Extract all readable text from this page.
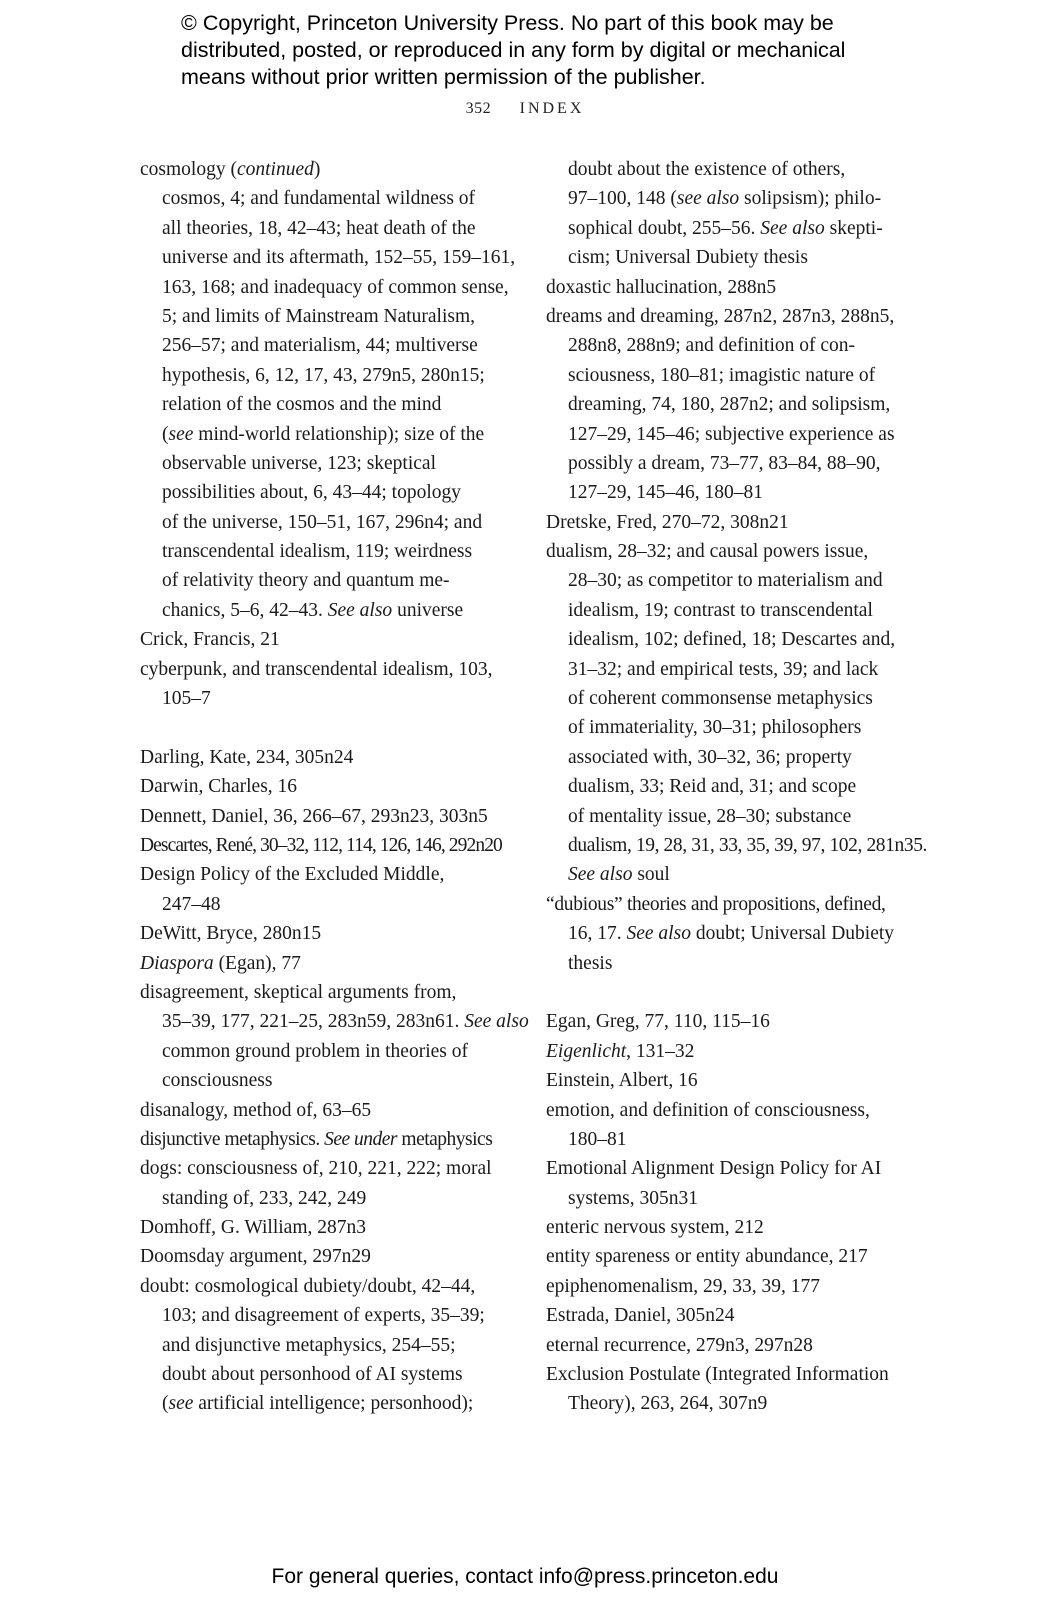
© Copyright, Princeton University Press. No part of this book may be
distributed, posted, or reproduced in any form by digital or mechanical
means without prior written permission of the publisher.
352 INDEX
cosmology (continued)
cosmos, 4; and fundamental wildness of
all theories, 18, 42–43; heat death of the
universe and its aftermath, 152–55, 159–161,
163, 168; and inadequacy of common sense,
5; and limits of Mainstream Naturalism,
256–57; and materialism, 44; multiverse
hypothesis, 6, 12, 17, 43, 279n5, 280n15;
relation of the cosmos and the mind
(see mind-world relationship); size of the
observable universe, 123; skeptical
possibilities about, 6, 43–44; topology
of the universe, 150–51, 167, 296n4; and
transcendental idealism, 119; weirdness
of relativity theory and quantum me-
chanics, 5–6, 42–43. See also universe
Crick, Francis, 21
cyberpunk, and transcendental idealism, 103,
105–7
Darling, Kate, 234, 305n24
Darwin, Charles, 16
Dennett, Daniel, 36, 266–67, 293n23, 303n5
Descartes, René, 30–32, 112, 114, 126, 146, 292n20
Design Policy of the Excluded Middle,
247–48
DeWitt, Bryce, 280n15
Diaspora (Egan), 77
disagreement, skeptical arguments from,
35–39, 177, 221–25, 283n59, 283n61. See also
common ground problem in theories of
consciousness
disanalogy, method of, 63–65
disjunctive metaphysics. See under metaphysics
dogs: consciousness of, 210, 221, 222; moral
standing of, 233, 242, 249
Domhoff, G. William, 287n3
Doomsday argument, 297n29
doubt: cosmological dubiety/doubt, 42–44,
103; and disagreement of experts, 35–39;
and disjunctive metaphysics, 254–55;
doubt about personhood of AI systems
(see artificial intelligence; personhood);
doubt about the existence of others,
97–100, 148 (see also solipsism); philo-
sophical doubt, 255–56. See also skepti-
cism; Universal Dubiety thesis
doxastic hallucination, 288n5
dreams and dreaming, 287n2, 287n3, 288n5,
288n8, 288n9; and definition of con-
sciousness, 180–81; imagistic nature of
dreaming, 74, 180, 287n2; and solipsism,
127–29, 145–46; subjective experience as
possibly a dream, 73–77, 83–84, 88–90,
127–29, 145–46, 180–81
Dretske, Fred, 270–72, 308n21
dualism, 28–32; and causal powers issue,
28–30; as competitor to materialism and
idealism, 19; contrast to transcendental
idealism, 102; defined, 18; Descartes and,
31–32; and empirical tests, 39; and lack
of coherent commonsense metaphysics
of immateriality, 30–31; philosophers
associated with, 30–32, 36; property
dualism, 33; Reid and, 31; and scope
of mentality issue, 28–30; substance
dualism, 19, 28, 31, 33, 35, 39, 97, 102, 281n35.
See also soul
“dubious” theories and propositions, defined,
16, 17. See also doubt; Universal Dubiety
thesis
Egan, Greg, 77, 110, 115–16
Eigenlicht, 131–32
Einstein, Albert, 16
emotion, and definition of consciousness,
180–81
Emotional Alignment Design Policy for AI
systems, 305n31
enteric nervous system, 212
entity spareness or entity abundance, 217
epiphenomenalism, 29, 33, 39, 177
Estrada, Daniel, 305n24
eternal recurrence, 279n3, 297n28
Exclusion Postulate (Integrated Information
Theory), 263, 264, 307n9
For general queries, contact info@press.princeton.edu
